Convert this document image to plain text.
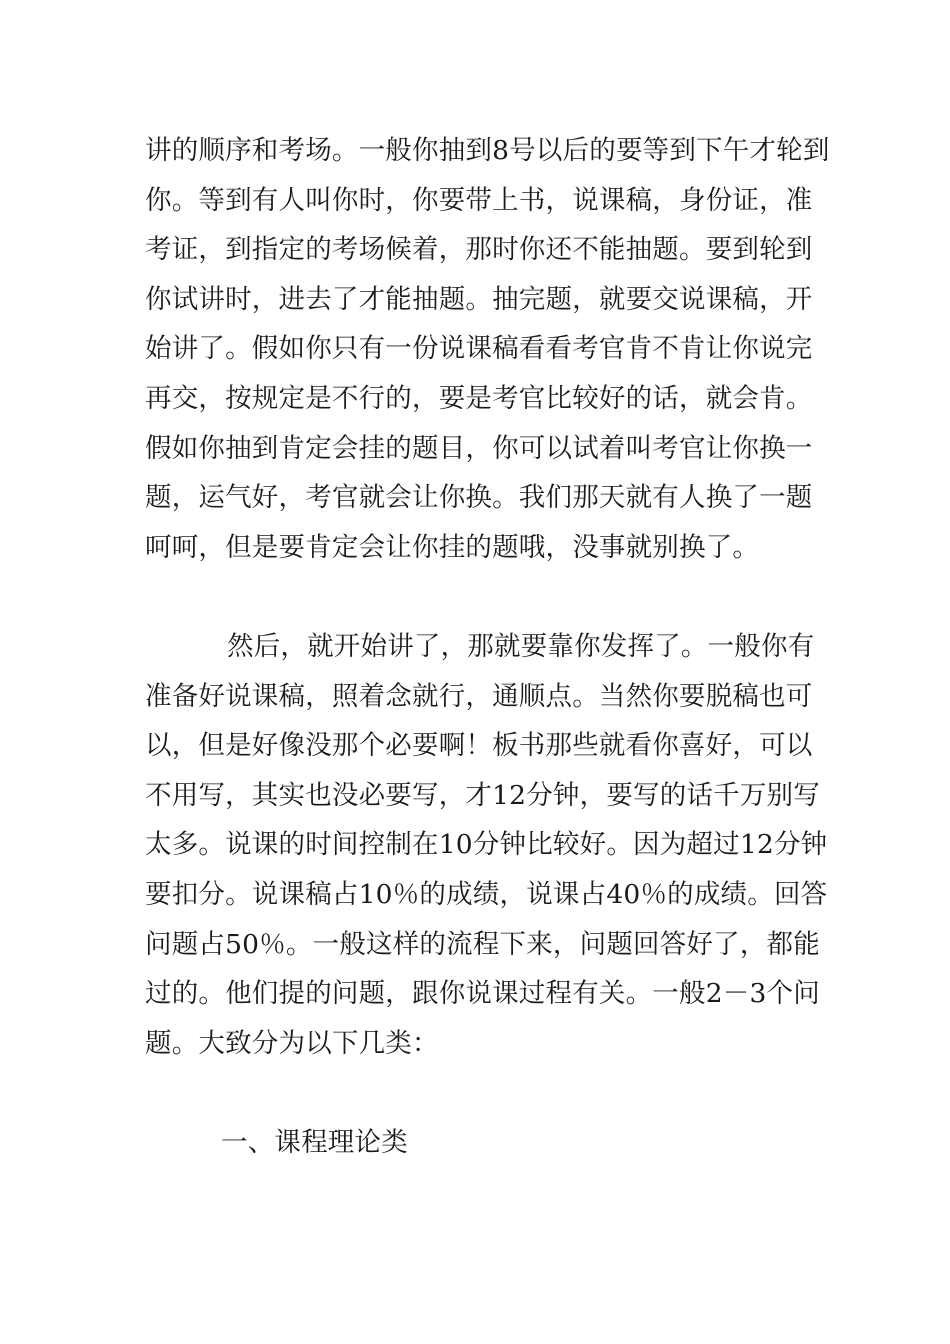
讲的顺序和考场。一般你抽到8号以后的要等到下午才轮到
你。等到有人叫你时，你要带上书，说课稿，身份证，准
考证，到指定的考场候着，那时你还不能抽题。要到轮到
你试讲时，进去了才能抽题。抽完题，就要交说课稿，开
始讲了。假如你只有一份说课稿看看考官肯不肯让你说完
再交，按规定是不行的，要是考官比较好的话，就会肯。
假如你抽到肯定会挂的题目，你可以试着叫考官让你换一
题，运气好，考官就会让你换。我们那天就有人换了一题
呵呵，但是要肯定会让你挂的题哦，没事就别换了。
然后，就开始讲了，那就要靠你发挥了。一般你有
准备好说课稿，照着念就行，通顺点。当然你要脱稿也可
以，但是好像没那个必要啊！板书那些就看你喜好，可以
不用写，其实也没必要写，才12分钟，要写的话千万别写
太多。说课的时间控制在10分钟比较好。因为超过12分钟
要扣分。说课稿占10％的成绩，说课占40％的成绩。回答
问题占50％。一般这样的流程下来，问题回答好了，都能
过的。他们提的问题，跟你说课过程有关。一般2－3个问
题。大致分为以下几类：
一、课程理论类
